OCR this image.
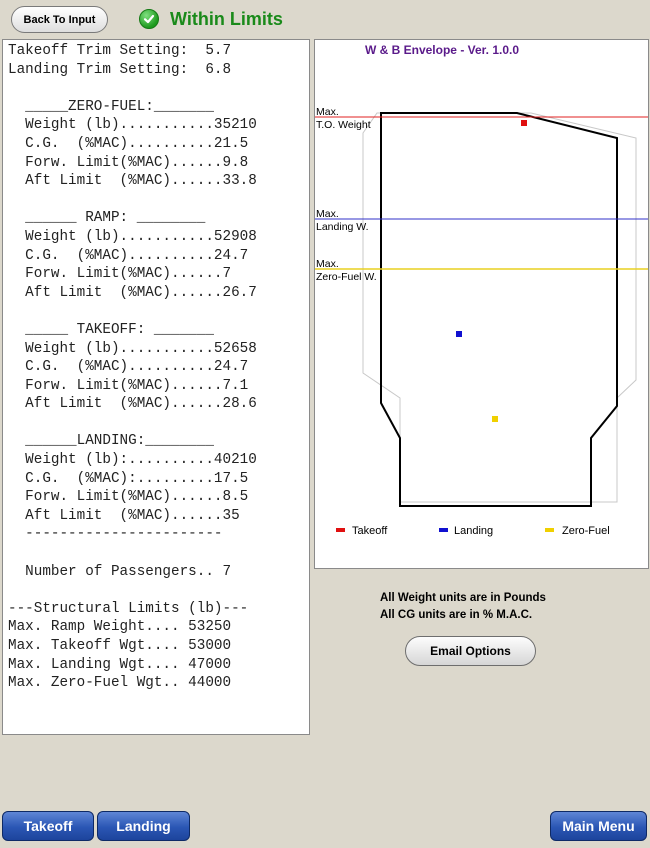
Back To Input	Within Limits
Takeoff Trim Setting:  5.7
Landing Trim Setting:  6.8

_____ZERO-FUEL:_______
Weight (lb)...........35210
C.G.  (%MAC)..........21.5
Forw. Limit(%MAC)......9.8
Aft Limit  (%MAC)......33.8

______ RAMP: ________
Weight (lb)...........52908
C.G.  (%MAC)..........24.7
Forw. Limit(%MAC)......7
Aft Limit  (%MAC)......26.7

_____ TAKEOFF: _______
Weight (lb)...........52658
C.G.  (%MAC)..........24.7
Forw. Limit(%MAC)......7.1
Aft Limit  (%MAC)......28.6

______LANDING:________
Weight (lb):..........40210
C.G.  (%MAC):.........17.5
Forw. Limit(%MAC)......8.5
Aft Limit  (%MAC)......35
-----------------------

Number of Passengers.. 7

---Structural Limits (lb)---
Max. Ramp Weight.... 53250
Max. Takeoff Wgt.... 53000
Max. Landing Wgt.... 47000
Max. Zero-Fuel Wgt.. 44000

W & B Envelope - Ver. 1.0.0
Max.
T.O. Weight
Max.
Landing W.
Max.
Zero-Fuel W.
Takeoff	Landing	Zero-Fuel
All Weight units are in Pounds
All CG units are in % M.A.C.
Email Options
Takeoff	Landing	Main Menu
